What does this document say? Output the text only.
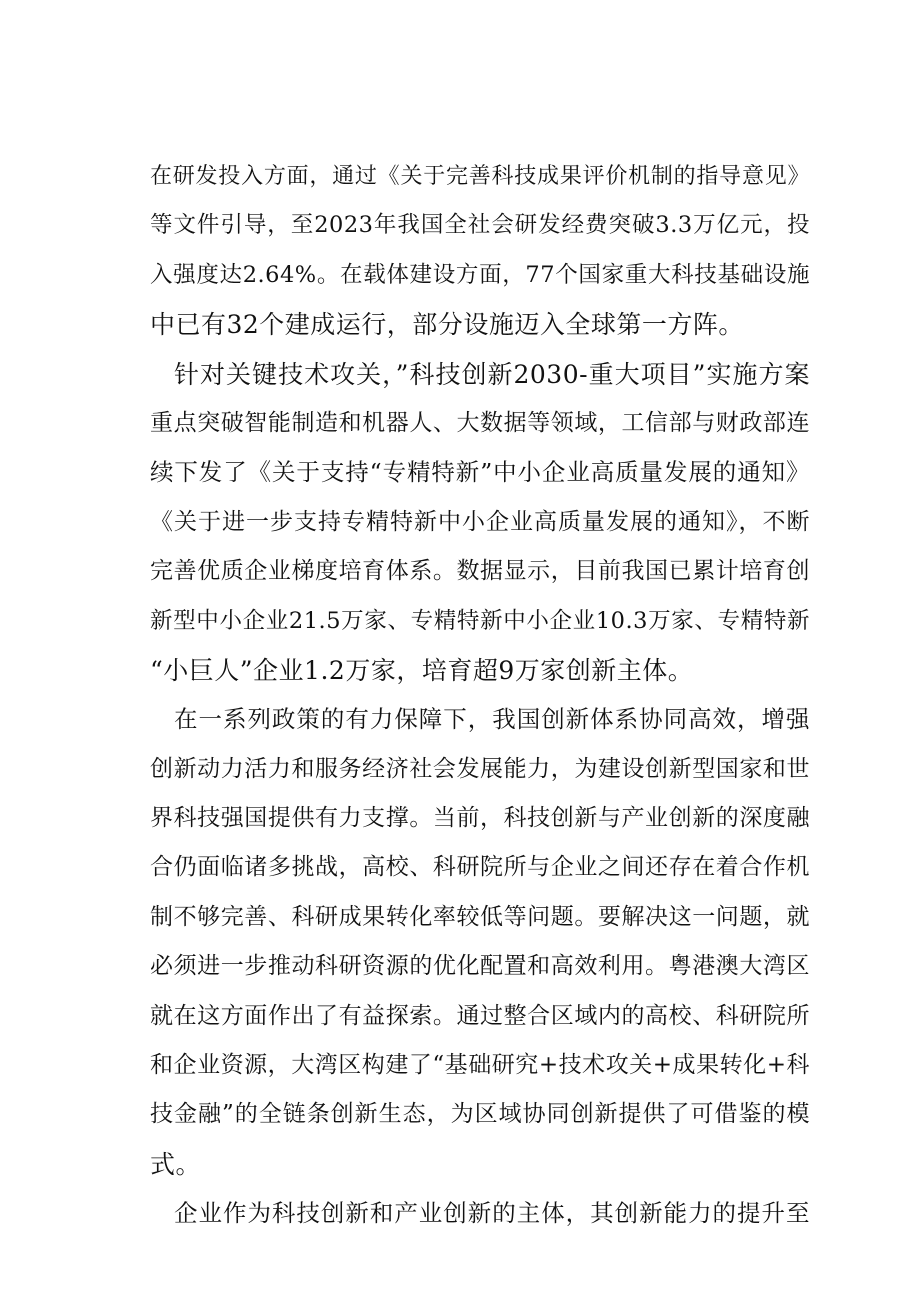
在研发投入方面，通过《关于完善科技成果评价机制的指导意见》
等文件引导，至2023年我国全社会研发经费突破3.3万亿元，投
入强度达2.64%。在载体建设方面，77个国家重大科技基础设施
中已有32个建成运行，部分设施迈入全球第一方阵。
针对关键技术攻关，”科技创新2030-重大项目”实施方案
重点突破智能制造和机器人、大数据等领域，工信部与财政部连
续下发了《关于支持“专精特新”中小企业高质量发展的通知》
《关于进一步支持专精特新中小企业高质量发展的通知》，不断
完善优质企业梯度培育体系。数据显示，目前我国已累计培育创
新型中小企业21.5万家、专精特新中小企业10.3万家、专精特新
“小巨人”企业1.2万家，培育超9万家创新主体。
在一系列政策的有力保障下，我国创新体系协同高效，增强
创新动力活力和服务经济社会发展能力，为建设创新型国家和世
界科技强国提供有力支撑。当前，科技创新与产业创新的深度融
合仍面临诸多挑战，高校、科研院所与企业之间还存在着合作机
制不够完善、科研成果转化率较低等问题。要解决这一问题，就
必须进一步推动科研资源的优化配置和高效利用。粤港澳大湾区
就在这方面作出了有益探索。通过整合区域内的高校、科研院所
和企业资源，大湾区构建了“基础研究+技术攻关+成果转化+科
技金融”的全链条创新生态，为区域协同创新提供了可借鉴的模
式。
企业作为科技创新和产业创新的主体，其创新能力的提升至
